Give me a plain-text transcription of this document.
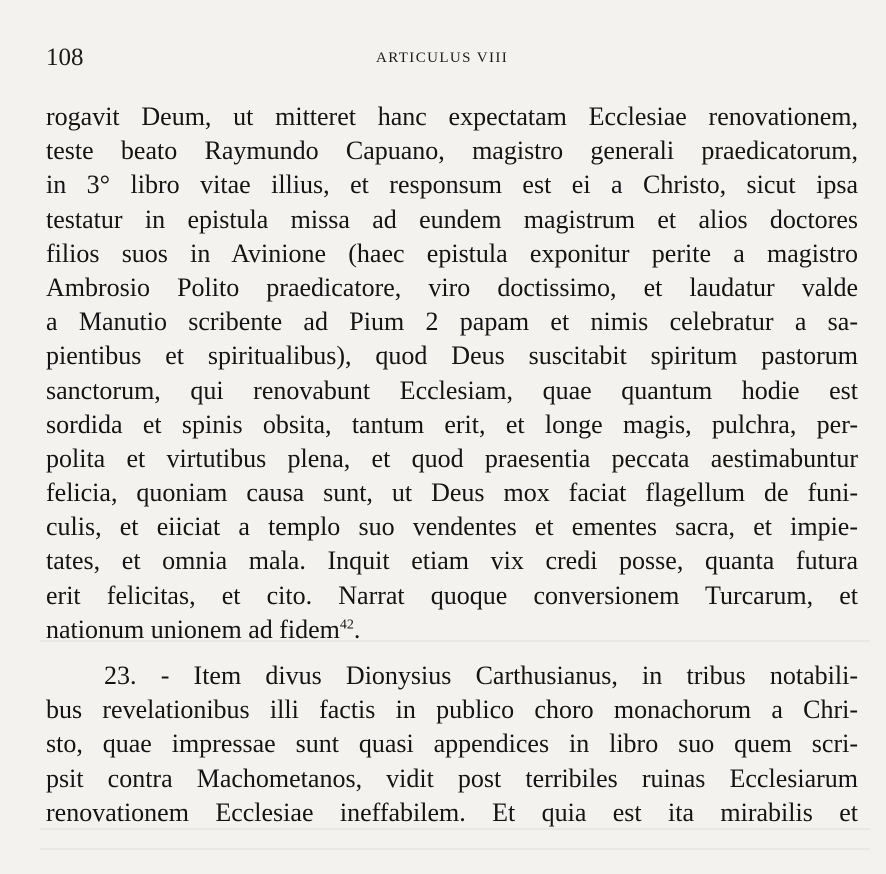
108	ARTICULUS VIII
rogavit Deum, ut mitteret hanc expectatam Ecclesiae renovationem,
teste beato Raymundo Capuano, magistro generali praedicatorum,
in 3° libro vitae illius, et responsum est ei a Christo, sicut ipsa
testatur in epistula missa ad eundem magistrum et alios doctores
filios suos in Avinione (haec epistula exponitur perite a magistro
Ambrosio Polito praedicatore, viro doctissimo, et laudatur valde
a Manutio scribente ad Pium 2 papam et nimis celebratur a sa-
pientibus et spiritualibus), quod Deus suscitabit spiritum pastorum
sanctorum, qui renovabunt Ecclesiam, quae quantum hodie est
sordida et spinis obsita, tantum erit, et longe magis, pulchra, per-
polita et virtutibus plena, et quod praesentia peccata aestimabuntur
felicia, quoniam causa sunt, ut Deus mox faciat flagellum de funi-
culis, et eiiciat a templo suo vendentes et ementes sacra, et impie-
tates, et omnia mala. Inquit etiam vix credi posse, quanta futura
erit felicitas, et cito. Narrat quoque conversionem Turcarum, et
nationum unionem ad fidem$^{42}$.
23. - Item divus Dionysius Carthusianus, in tribus notabili-
bus revelationibus illi factis in publico choro monachorum a Chri-
sto, quae impressae sunt quasi appendices in libro suo quem scri-
psit contra Machometanos, vidit post terribiles ruinas Ecclesiarum
renovationem Ecclesiae ineffabilem. Et quia est ita mirabilis et
